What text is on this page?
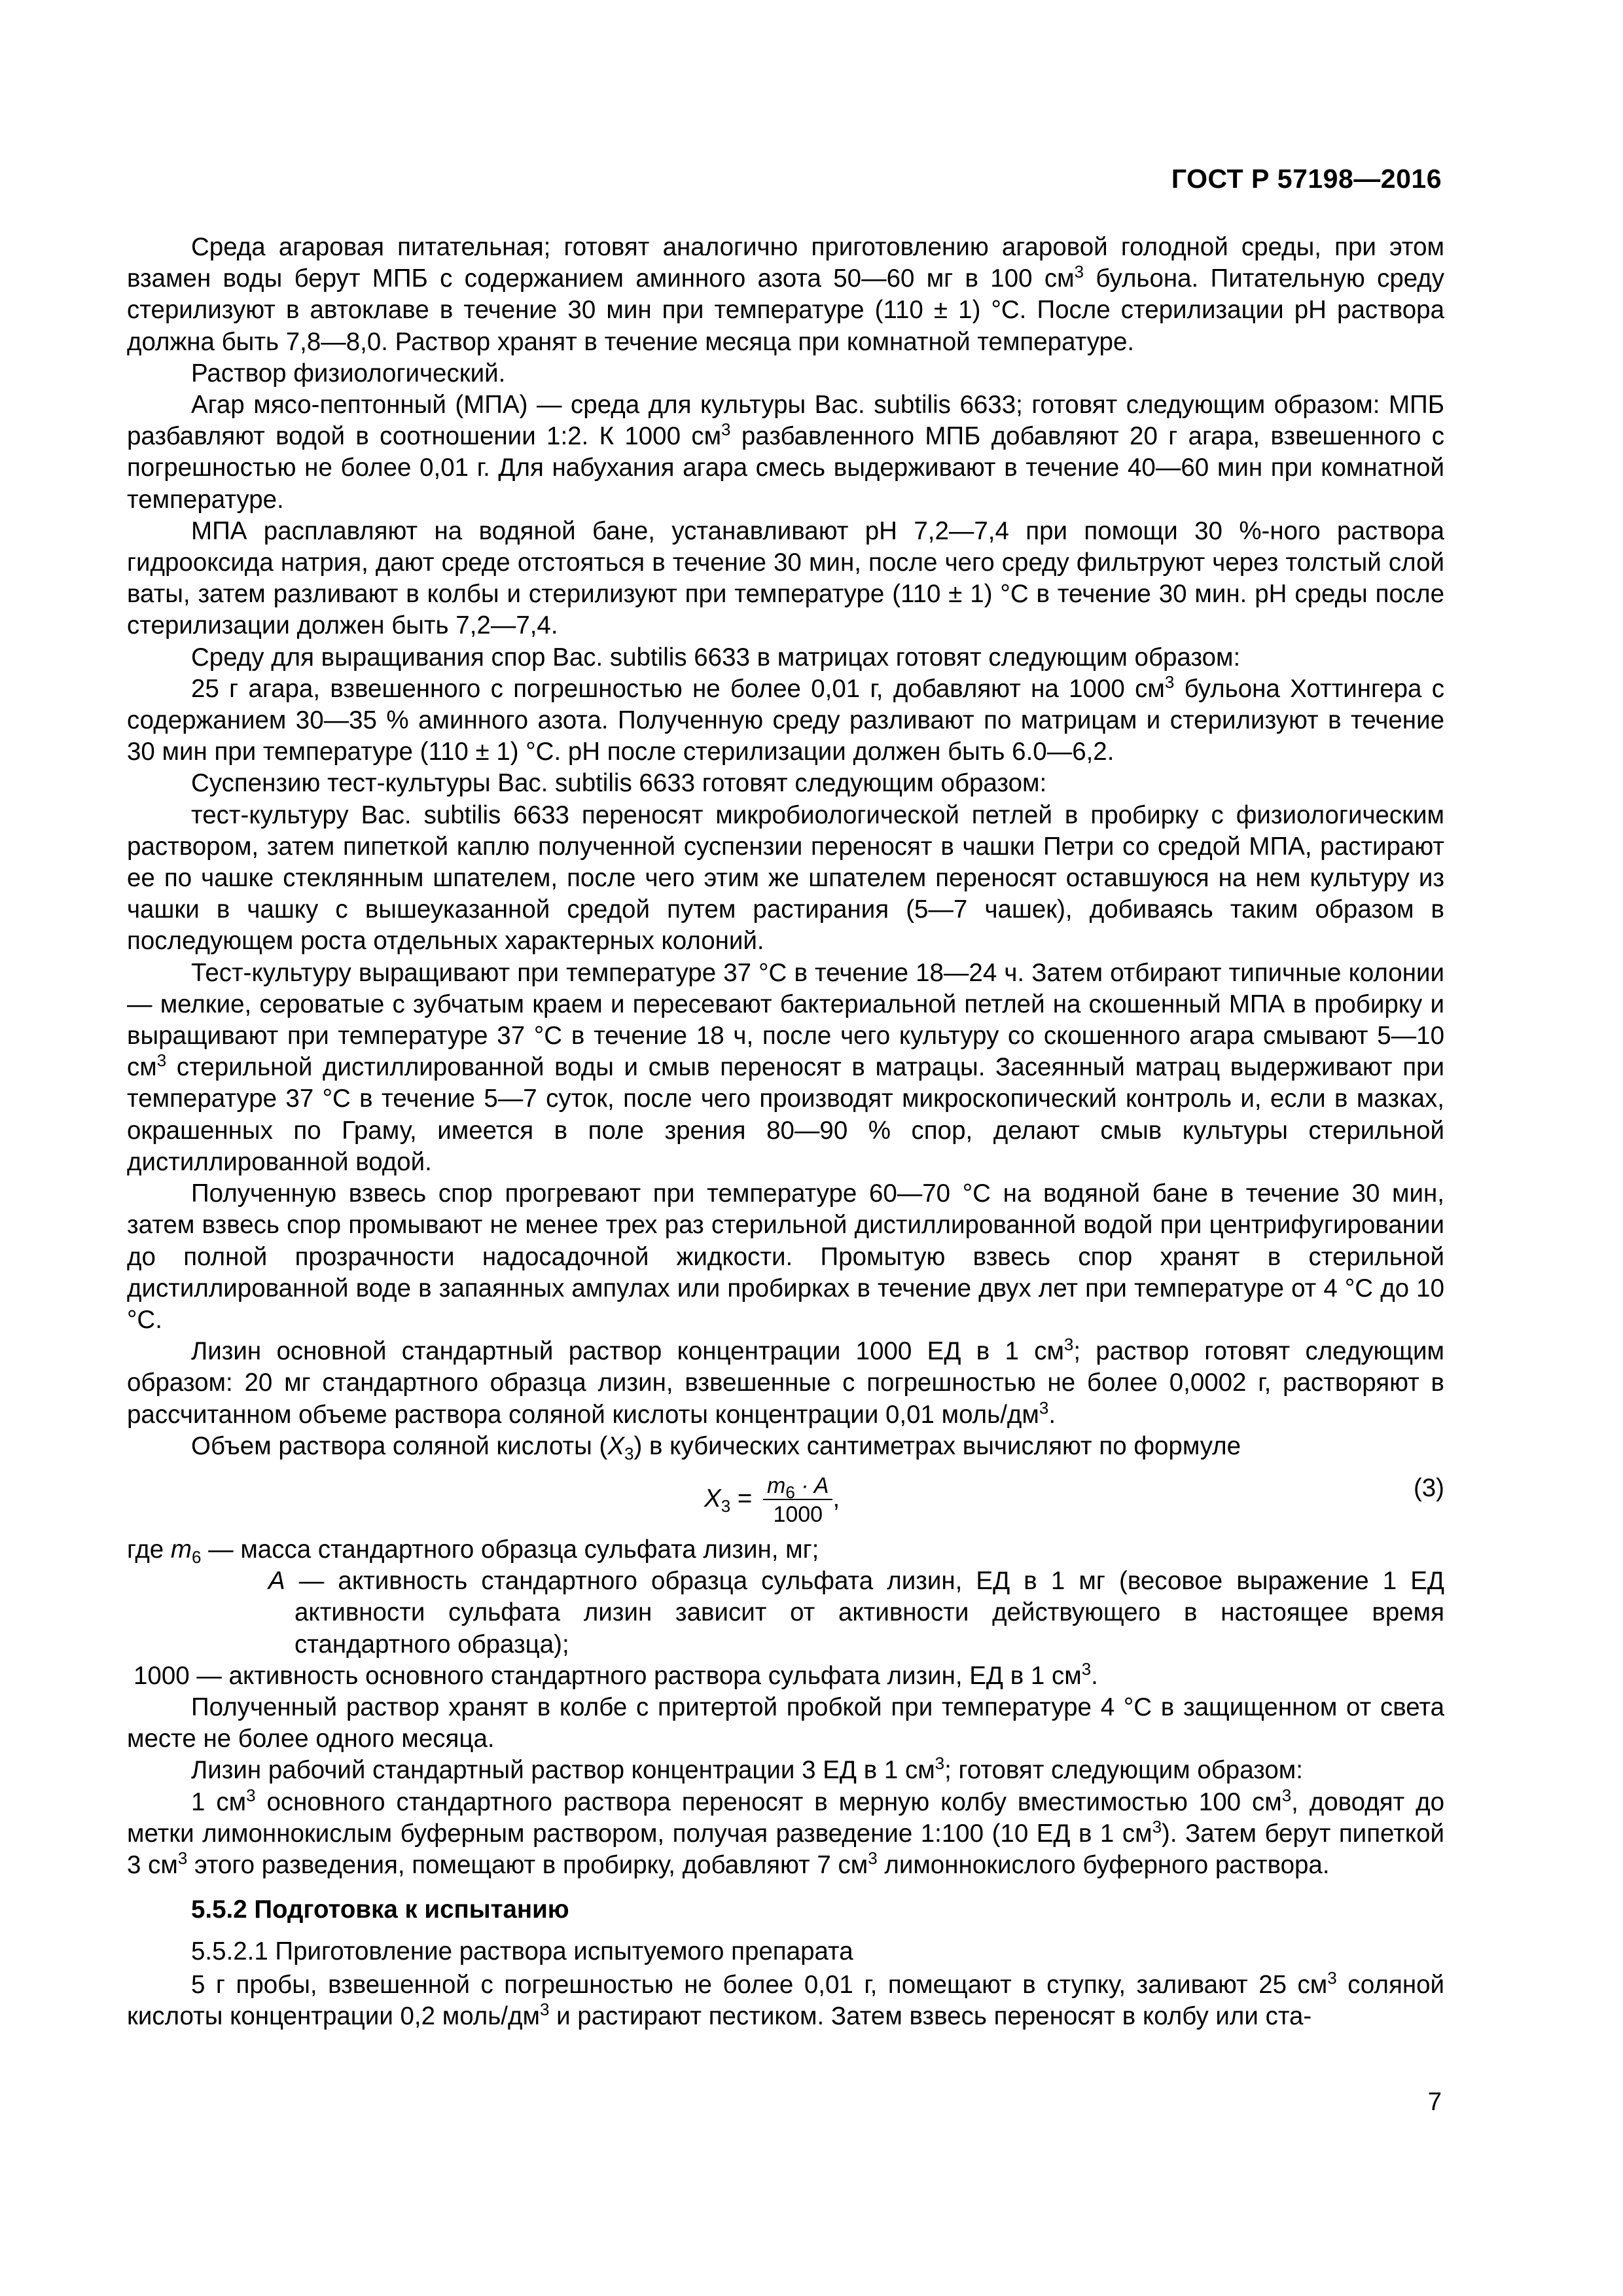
ГОСТ Р 57198—2016

Среда агаровая питательная; готовят аналогично приготовлению агаровой голодной среды, при этом взамен воды берут МПБ с содержанием аминного азота 50—60 мг в 100 $см^3$ бульона. Питательную среду стерилизуют в автоклаве в течение 30 мин при температуре (110 ± 1) °С. После стерилизации рН раствора должна быть 7,8—8,0. Раствор хранят в течение месяца при комнатной температуре.

Раствор физиологический.

Агар мясо-пептонный (МПА) — среда для культуры Bac. subtilis 6633; готовят следующим образом: МПБ разбавляют водой в соотношении 1:2. К 1000 $см^3$ разбавленного МПБ добавляют 20 г агара, взвешенного с погрешностью не более 0,01 г. Для набухания агара смесь выдерживают в течение 40—60 мин при комнатной температуре.

МПА расплавляют на водяной бане, устанавливают рН 7,2—7,4 при помощи 30 %-ного раствора гидроокcида натрия, дают среде отстояться в течение 30 мин, после чего среду фильтруют через толстый слой ваты, затем разливают в колбы и стерилизуют при температуре (110 ± 1) °С в течение 30 мин. рН среды после стерилизации должен быть 7,2—7,4.

Среду для выращивания спор Bac. subtilis 6633 в матрицах готовят следующим образом:

25 г агара, взвешенного с погрешностью не более 0,01 г, добавляют на 1000 $см^3$ бульона Хоттингера с содержанием 30—35 % аминного азота. Полученную среду разливают по матрицам и стерилизуют в течение 30 мин при температуре (110 ± 1) °С. рН после стерилизации должен быть 6.0—6,2.

Суспензию тест-культуры Bac. subtilis 6633 готовят следующим образом:

тест-культуру Bac. subtilis 6633 переносят микробиологической петлей в пробирку с физиологическим раствором, затем пипеткой каплю полученной суспензии переносят в чашки Петри со средой МПА, растирают ее по чашке стеклянным шпателем, после чего этим же шпателем переносят оставшуюся на нем культуру из чашки в чашку с вышеуказанной средой путем растирания (5—7 чашек), добиваясь таким образом в последующем роста отдельных характерных колоний.

Тест-культуру выращивают при температуре 37 °С в течение 18—24 ч. Затем отбирают типичные колонии — мелкие, сероватые с зубчатым краем и пересевают бактериальной петлей на скошенный МПА в пробирку и выращивают при температуре 37 °С в течение 18 ч, после чего культуру со скошенного агара смывают 5—10 $см^3$ стерильной дистиллированной воды и смыв переносят в матрацы. Засеянный матрац выдерживают при температуре 37 °С в течение 5—7 суток, после чего производят микроскопический контроль и, если в мазках, окрашенных по Граму, имеется в поле зрения 80—90 % спор, делают смыв культуры стерильной дистиллированной водой.

Полученную взвесь спор прогревают при температуре 60—70 °С на водяной бане в течение 30 мин, затем взвесь спор промывают не менее трех раз стерильной дистиллированной водой при центрифугировании до полной прозрачности надосадочной жидкости. Промытую взвесь спор хранят в стерильной дистиллированной воде в запаянных ампулах или пробирках в течение двух лет при температуре от 4 °С до 10 °С.

Лизин основной стандартный раствор концентрации 1000 ЕД в 1 $см^3$; раствор готовят следующим образом: 20 мг стандартного образца лизин, взвешенные с погрешностью не более 0,0002 г, растворяют в рассчитанном объеме раствора соляной кислоты концентрации 0,01 моль/$дм^3$.

Объем раствора соляной кислоты $(X_3)$ в кубических сантиметрах вычисляют по формуле

$X_3 = \frac{m_6 \cdot A}{1000}$ ,	(3)

где $m_6$ — масса стандартного образца сульфата лизин, мг;

A — активность стандартного образца сульфата лизин, ЕД в 1 мг (весовое выражение 1 ЕД активности сульфата лизин зависит от активности действующего в настоящее время стандартного образца);

1000 — активность основного стандартного раствора сульфата лизин, ЕД в 1 $см^3$.

Полученный раствор хранят в колбе с притертой пробкой при температуре 4 °С в защищенном от света месте не более одного месяца.

Лизин рабочий стандартный раствор концентрации 3 ЕД в 1 $см^3$; готовят следующим образом:

1 $см^3$ основного стандартного раствора переносят в мерную колбу вместимостью 100 $см^3$, доводят до метки лимоннокислым буферным раствором, получая разведение 1:100 (10 ЕД в 1 $см^3$). Затем берут пипеткой 3 $см^3$ этого разведения, помещают в пробирку, добавляют 7 $см^3$ лимоннокислого буферного раствора.

5.5.2 Подготовка к испытанию

5.5.2.1 Приготовление раствора испытуемого препарата

5 г пробы, взвешенной с погрешностью не более 0,01 г, помещают в ступку, заливают 25 $см^3$ соляной кислоты концентрации 0,2 моль/$дм^3$ и растирают пестиком. Затем взвесь переносят в колбу или ста-

7
